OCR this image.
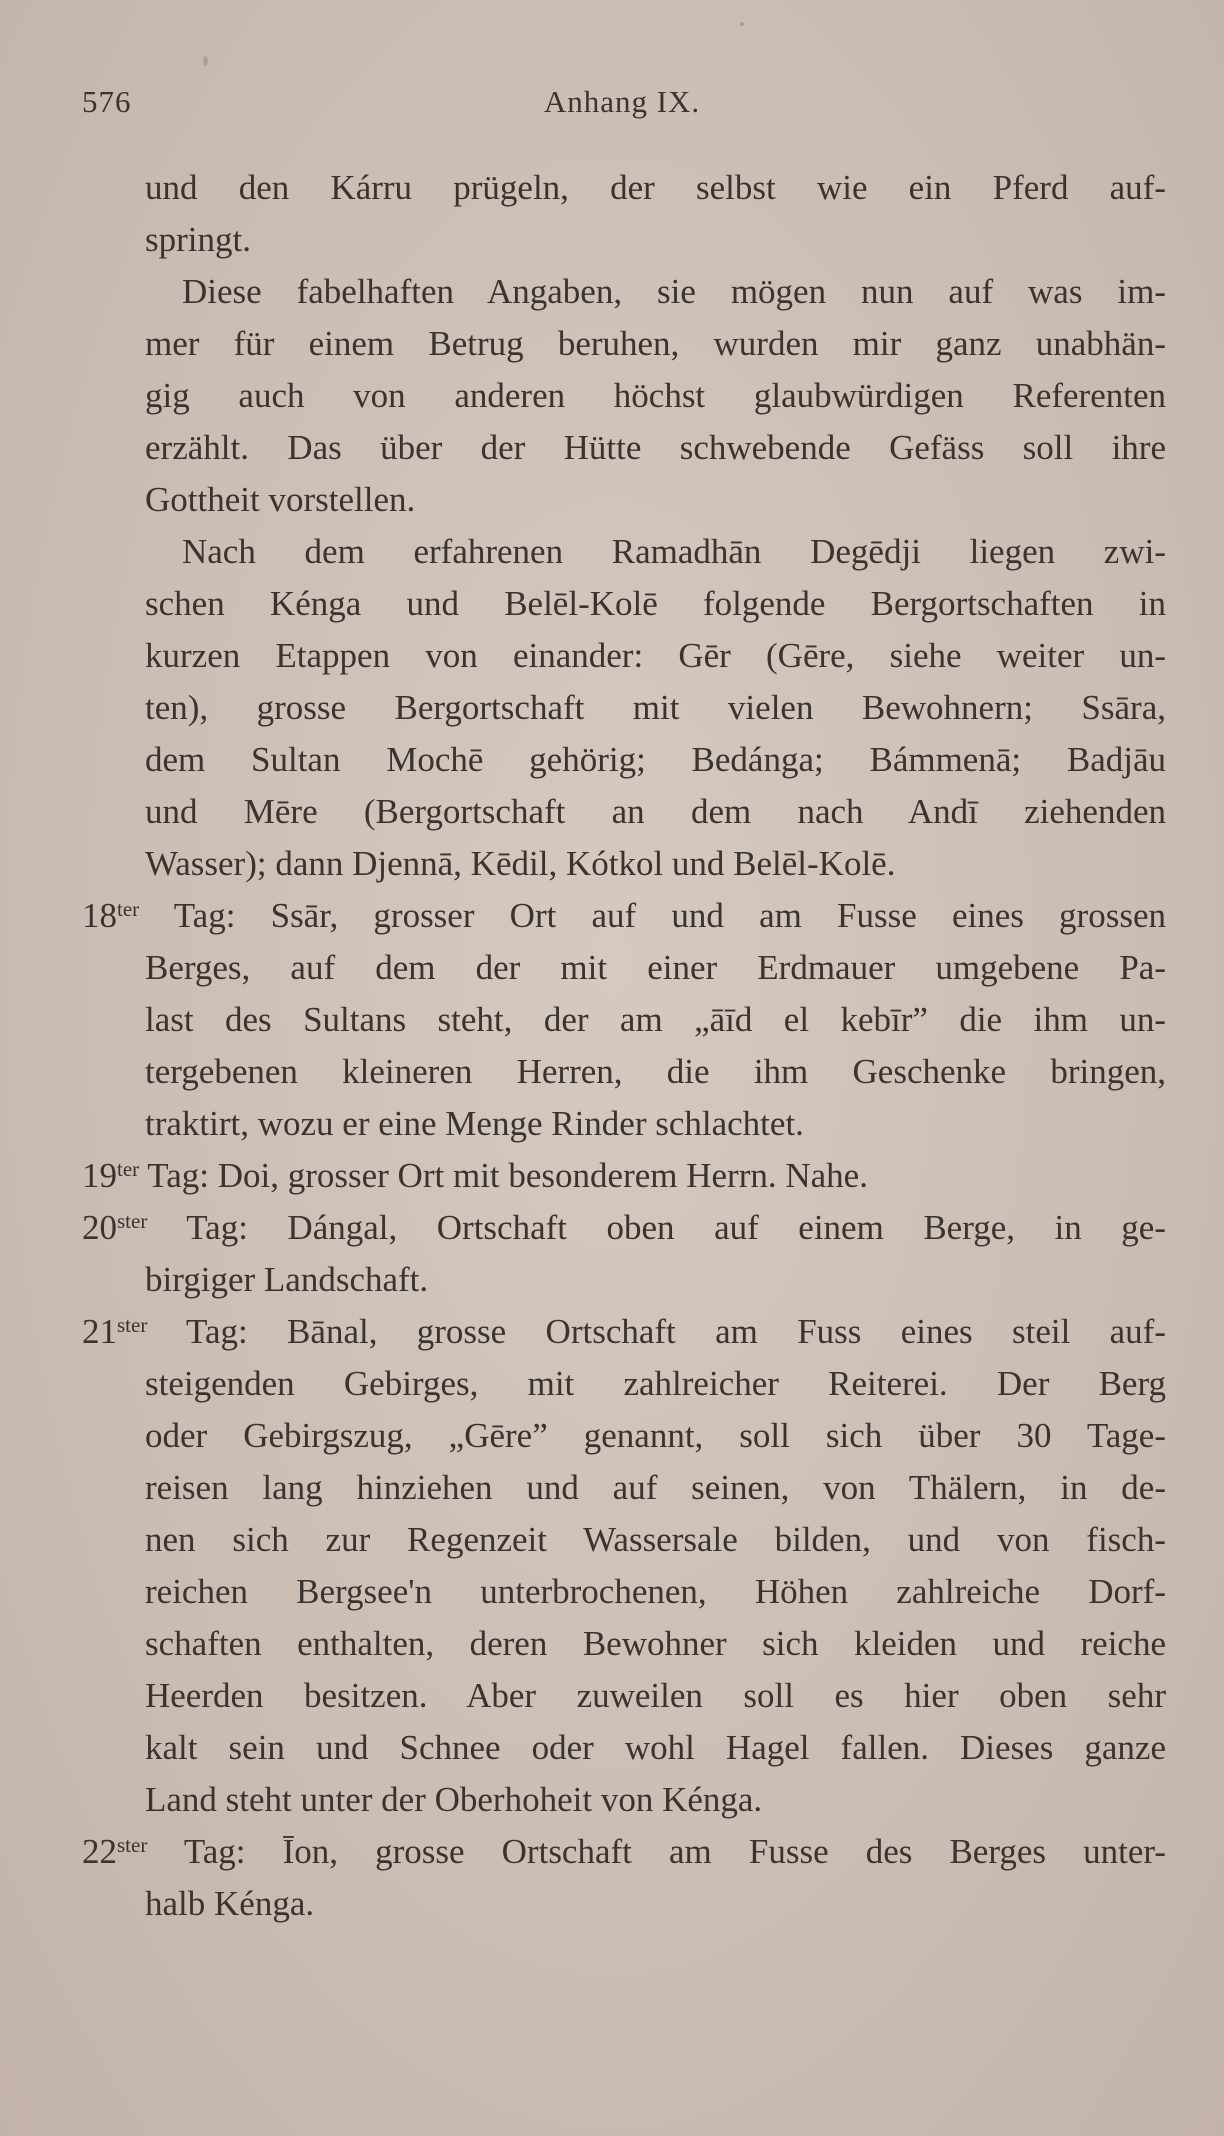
576	Anhang IX.
und den Kárru prügeln, der selbst wie ein Pferd auf-
springt.
Diese fabelhaften Angaben, sie mögen nun auf was im-
mer für einem Betrug beruhen, wurden mir ganz unabhän-
gig auch von anderen höchst glaubwürdigen Referenten
erzählt. Das über der Hütte schwebende Gefäss soll ihre
Gottheit vorstellen.
Nach dem erfahrenen Ramadhān Degēdji liegen zwi-
schen Kénga und Belēl-Kolē folgende Bergortschaften in
kurzen Etappen von einander: Gēr (Gēre, siehe weiter un-
ten), grosse Bergortschaft mit vielen Bewohnern; Ssāra,
dem Sultan Mochē gehörig; Bedánga; Bámmenā; Badjāu
und Mēre (Bergortschaft an dem nach Andī ziehenden
Wasser); dann Djennā, Kēdil, Kótkol und Belēl-Kolē.
$18^{ter}$ Tag: Ssār, grosser Ort auf und am Fusse eines grossen
Berges, auf dem der mit einer Erdmauer umgebene Pa-
last des Sultans steht, der am „āīd el kebīr” die ihm un-
tergebenen kleineren Herren, die ihm Geschenke bringen,
traktirt, wozu er eine Menge Rinder schlachtet.
$19^{ter}$ Tag: Doi, grosser Ort mit besonderem Herrn. Nahe.
$20^{ster}$ Tag: Dángal, Ortschaft oben auf einem Berge, in ge-
birgiger Landschaft.
$21^{ster}$ Tag: Bānal, grosse Ortschaft am Fuss eines steil auf-
steigenden Gebirges, mit zahlreicher Reiterei. Der Berg
oder Gebirgszug, „Gēre” genannt, soll sich über 30 Tage-
reisen lang hinziehen und auf seinen, von Thälern, in de-
nen sich zur Regenzeit Wassersale bilden, und von fisch-
reichen Bergsee'n unterbrochenen, Höhen zahlreiche Dorf-
schaften enthalten, deren Bewohner sich kleiden und reiche
Heerden besitzen. Aber zuweilen soll es hier oben sehr
kalt sein und Schnee oder wohl Hagel fallen. Dieses ganze
Land steht unter der Oberhoheit von Kénga.
$22^{ster}$ Tag: Īon, grosse Ortschaft am Fusse des Berges unter-
halb Kénga.
